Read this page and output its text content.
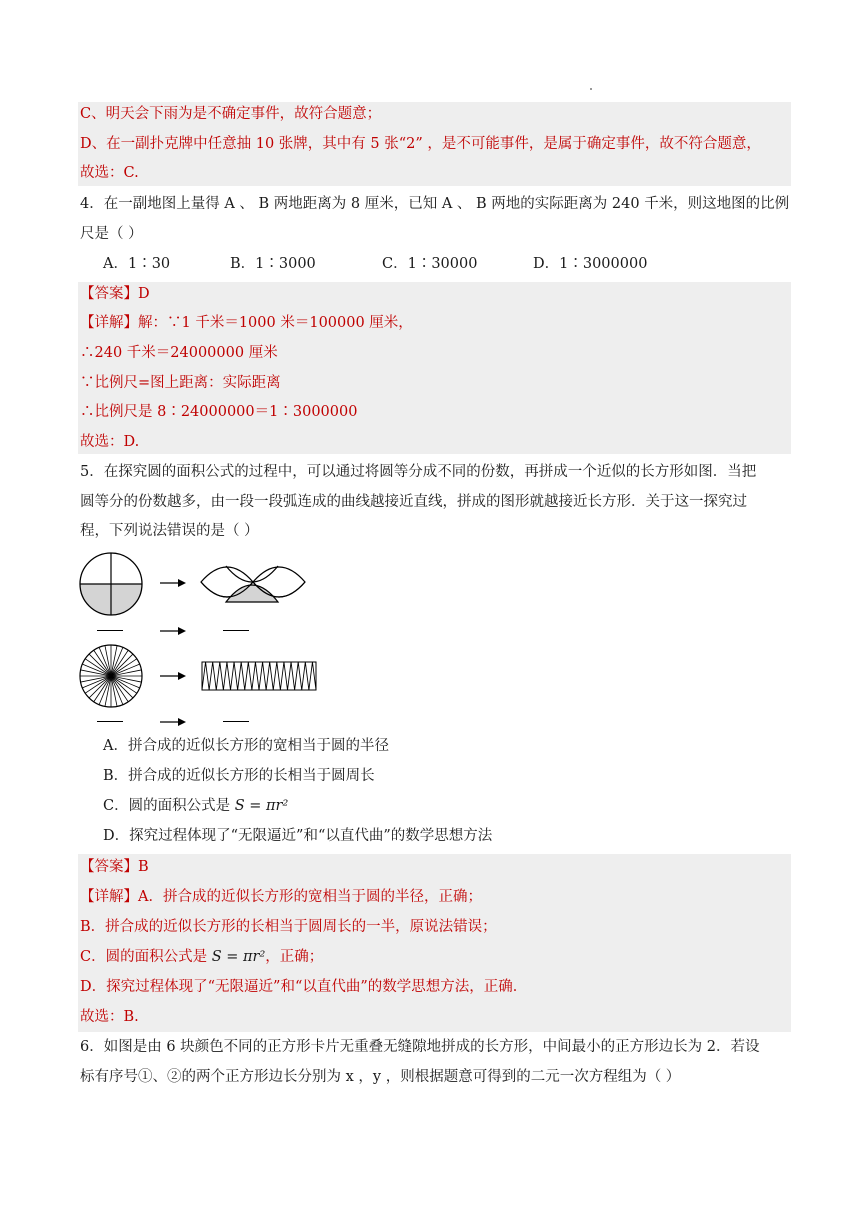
C、明天会下雨为是不确定事件，故符合题意；
D、在一副扑克牌中任意抽 10 张牌，其中有 5 张“2” ，是不可能事件，是属于确定事件，故不符合题意，
故选：C.
4．在一副地图上量得 A 、 B 两地距离为 8 厘米，已知 A 、 B 两地的实际距离为 240 千米，则这地图的比例
尺是（ ）
A．1∶30	B．1∶3000	C．1∶30000	D．1∶3000000
【答案】D
【详解】解：∵1 千米＝1000 米＝100000 厘米，
∴240 千米＝24000000 厘米
∵比例尺=图上距离：实际距离
∴比例尺是 8∶24000000＝1∶3000000
故选：D.
5．在探究圆的面积公式的过程中，可以通过将圆等分成不同的份数，再拼成一个近似的长方形如图．当把
圆等分的份数越多，由一段一段弧连成的曲线越接近直线，拼成的图形就越接近长方形．关于这一探究过
程，下列说法错误的是（ ）
A．拼合成的近似长方形的宽相当于圆的半径
B．拼合成的近似长方形的长相当于圆周长
C．圆的面积公式是 S = πr²
D．探究过程体现了“无限逼近”和“以直代曲”的数学思想方法
【答案】B
【详解】A．拼合成的近似长方形的宽相当于圆的半径，正确；
B．拼合成的近似长方形的长相当于圆周长的一半，原说法错误；
C．圆的面积公式是 S = πr²，正确；
D．探究过程体现了“无限逼近”和“以直代曲”的数学思想方法，正确．
故选：B.
6．如图是由 6 块颜色不同的正方形卡片无重叠无缝隙地拼成的长方形，中间最小的正方形边长为 2．若设
标有序号①、②的两个正方形边长分别为 x ，y ，则根据题意可得到的二元一次方程组为（ ）
